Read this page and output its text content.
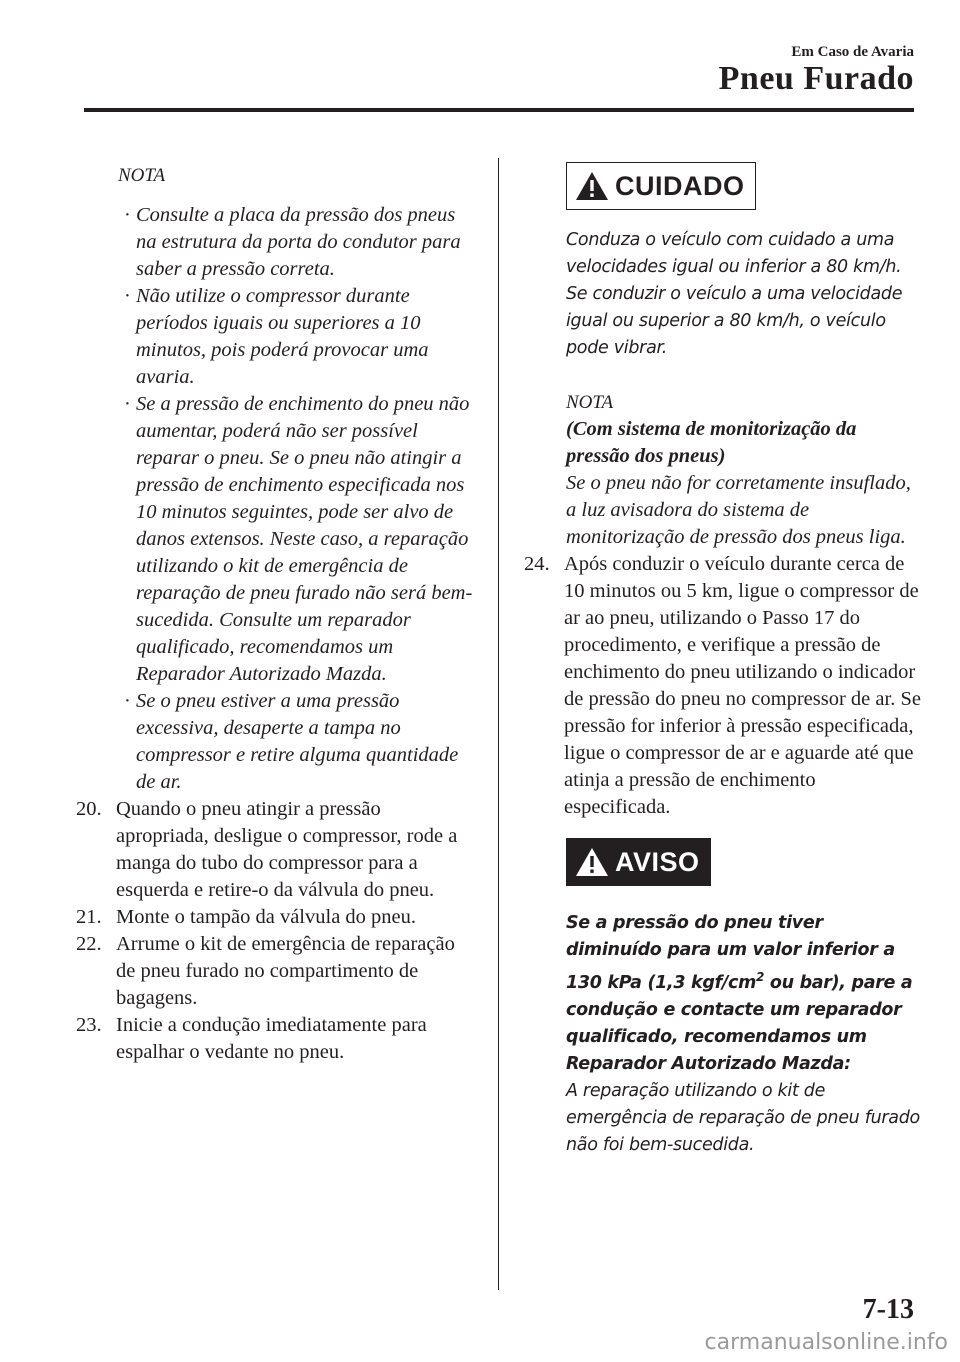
Em Caso de Avaria
Pneu Furado
NOTA
· Consulte a placa da pressão dos pneus na estrutura da porta do condutor para saber a pressão correta.
· Não utilize o compressor durante períodos iguais ou superiores a 10 minutos, pois poderá provocar uma avaria.
· Se a pressão de enchimento do pneu não aumentar, poderá não ser possível reparar o pneu. Se o pneu não atingir a pressão de enchimento especificada nos 10 minutos seguintes, pode ser alvo de danos extensos. Neste caso, a reparação utilizando o kit de emergência de reparação de pneu furado não será bem-sucedida. Consulte um reparador qualificado, recomendamos um Reparador Autorizado Mazda.
· Se o pneu estiver a uma pressão excessiva, desaperte a tampa no compressor e retire alguma quantidade de ar.
20. Quando o pneu atingir a pressão apropriada, desligue o compressor, rode a manga do tubo do compressor para a esquerda e retire-o da válvula do pneu.
21. Monte o tampão da válvula do pneu.
22. Arrume o kit de emergência de reparação de pneu furado no compartimento de bagagens.
23. Inicie a condução imediatamente para espalhar o vedante no pneu.
CUIDADO

Conduza o veículo com cuidado a uma velocidades igual ou inferior a 80 km/h. Se conduzir o veículo a uma velocidade igual ou superior a 80 km/h, o veículo pode vibrar.

NOTA
(Com sistema de monitorização da pressão dos pneus)
Se o pneu não for corretamente insuflado, a luz avisadora do sistema de monitorização de pressão dos pneus liga.
24. Após conduzir o veículo durante cerca de 10 minutos ou 5 km, ligue o compressor de ar ao pneu, utilizando o Passo 17 do procedimento, e verifique a pressão de enchimento do pneu utilizando o indicador de pressão do pneu no compressor de ar. Se pressão for inferior à pressão especificada, ligue o compressor de ar e aguarde até que atinja a pressão de enchimento especificada.
AVISO

Se a pressão do pneu tiver diminuído para um valor inferior a 130 kPa (1,3 kgf/$cm^2$ ou bar), pare a condução e contacte um reparador qualificado, recomendamos um Reparador Autorizado Mazda:

A reparação utilizando o kit de emergência de reparação de pneu furado não foi bem-sucedida.

7-13
carmanualsonline.info
